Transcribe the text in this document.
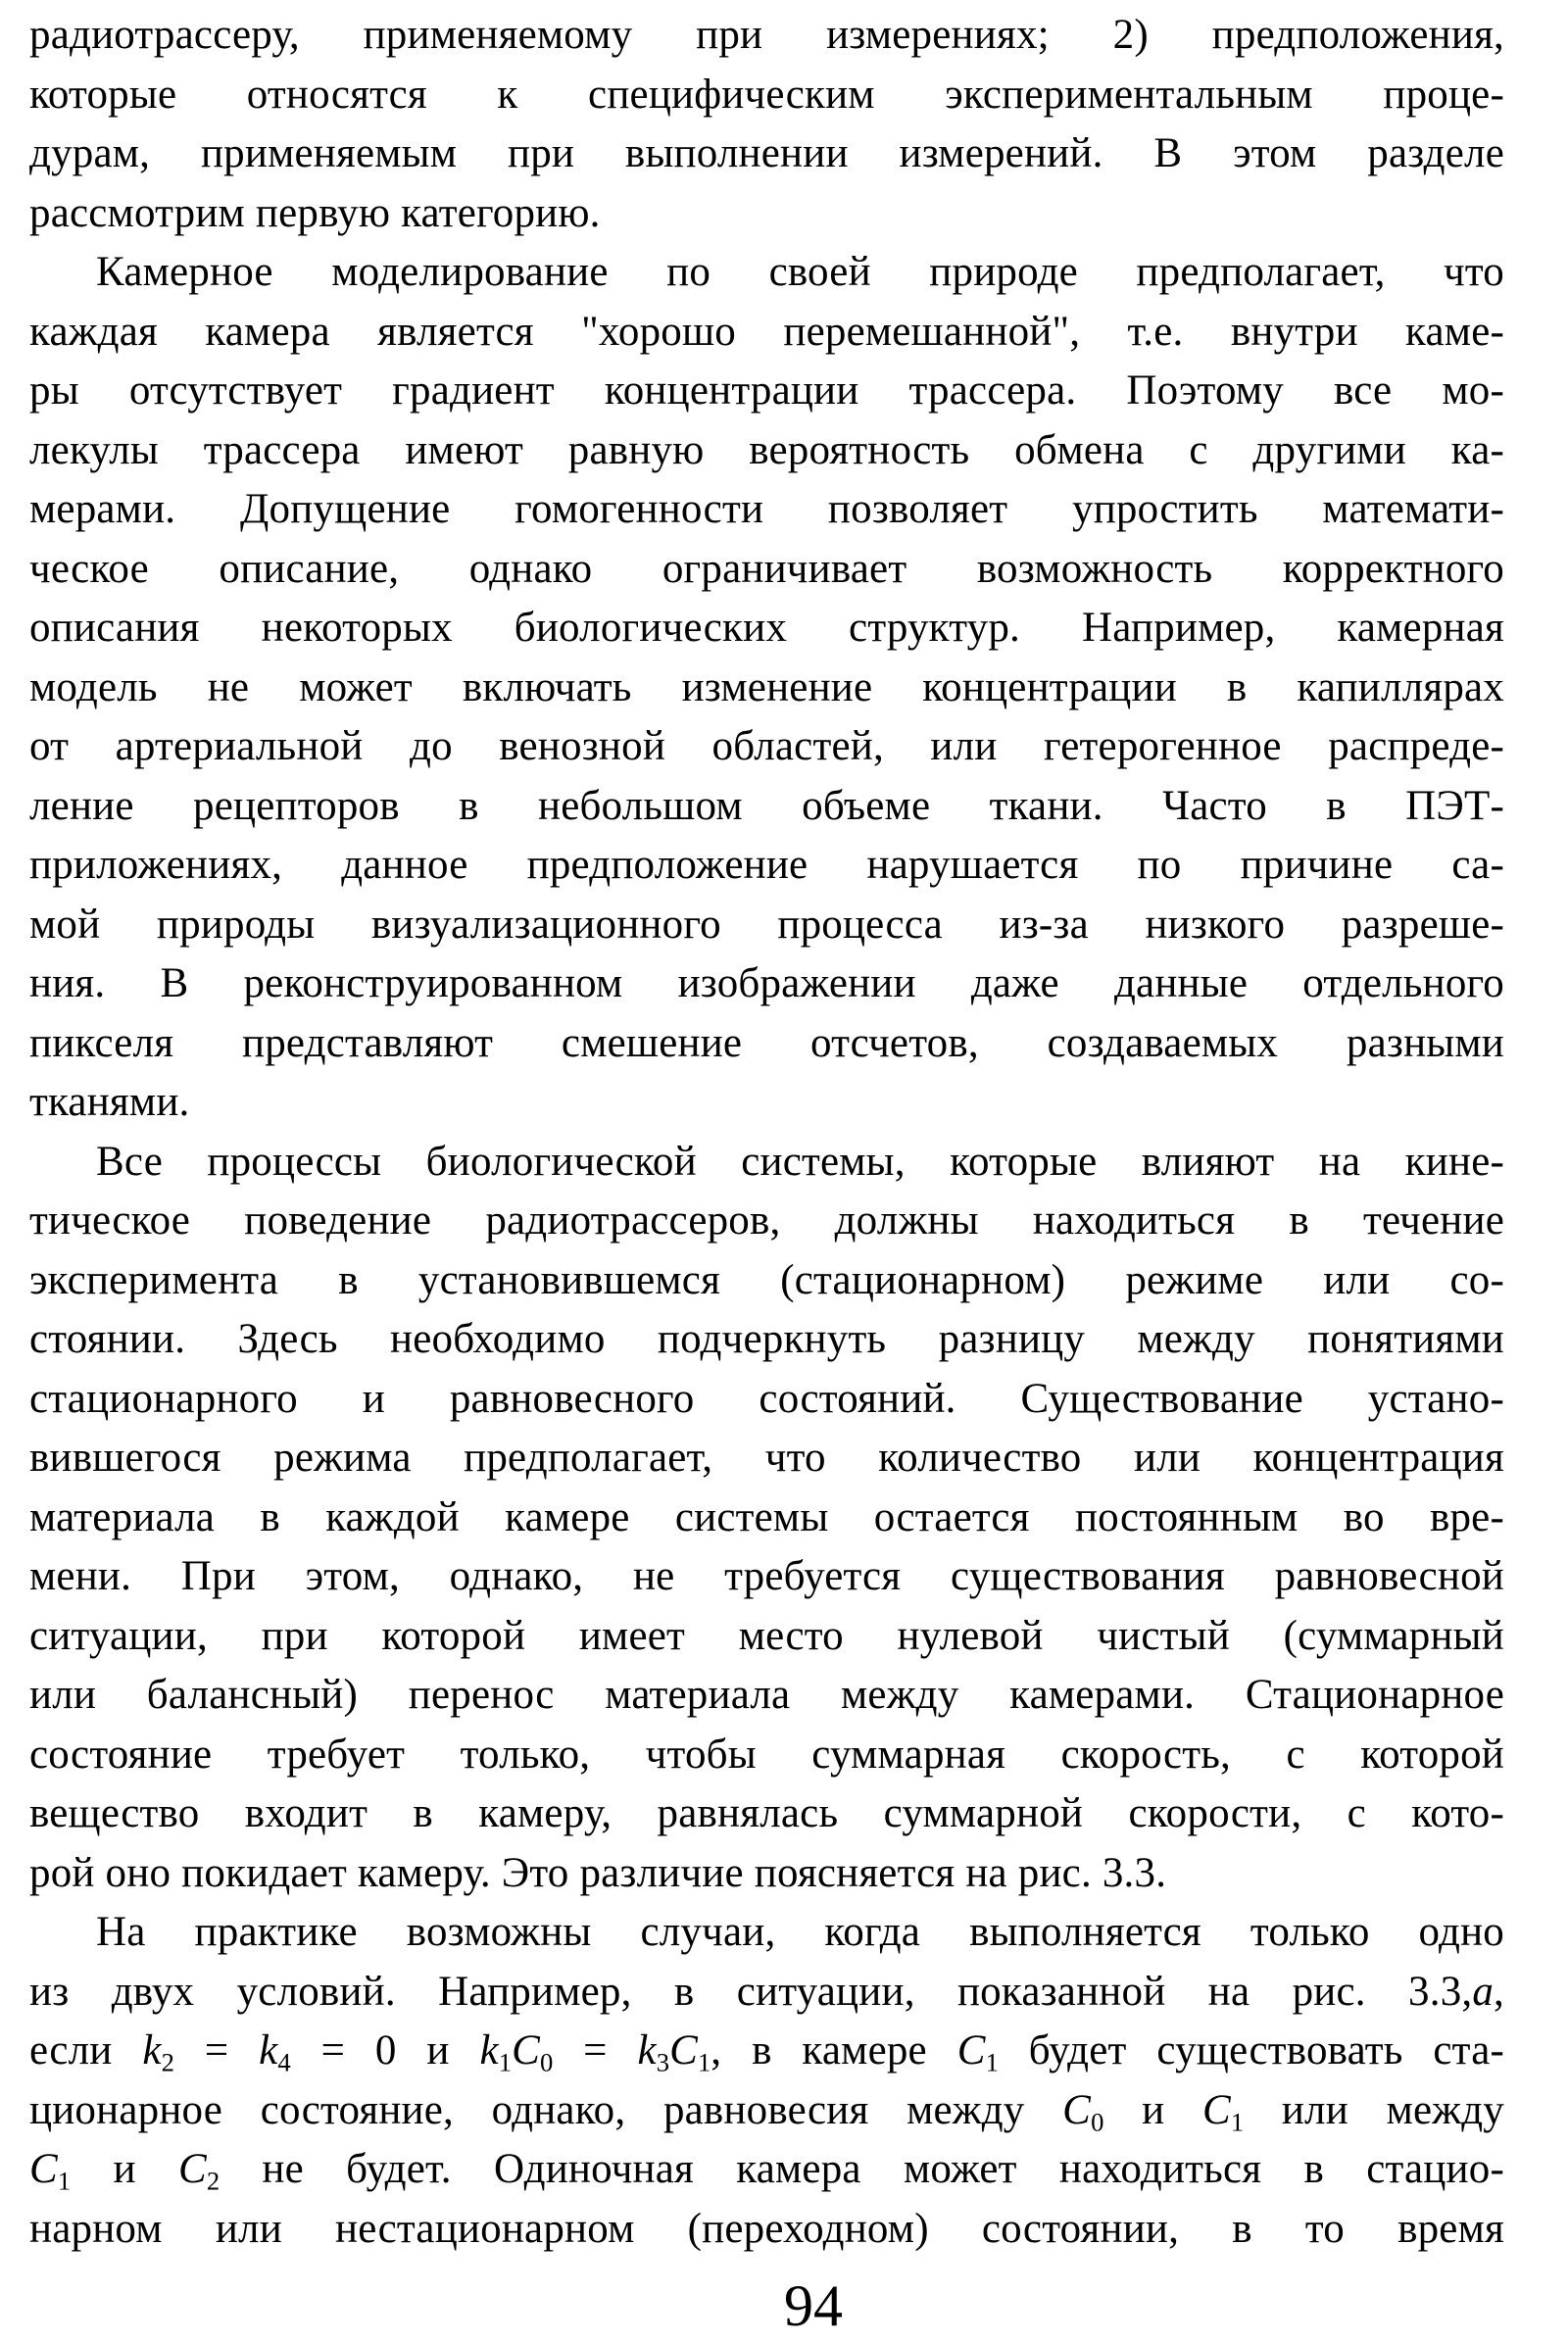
радиотрассеру, применяемому при измерениях; 2) предположения,
которые относятся к специфическим экспериментальным проце-
дурам, применяемым при выполнении измерений. В этом разделе
рассмотрим первую категорию.
Камерное моделирование по своей природе предполагает, что
каждая камера является "хорошо перемешанной", т.е. внутри каме-
ры отсутствует градиент концентрации трассера. Поэтому все мо-
лекулы трассера имеют равную вероятность обмена с другими ка-
мерами. Допущение гомогенности позволяет упростить математи-
ческое описание, однако ограничивает возможность корректного
описания некоторых биологических структур. Например, камерная
модель не может включать изменение концентрации в капиллярах
от артериальной до венозной областей, или гетерогенное распреде-
ление рецепторов в небольшом объеме ткани. Часто в ПЭТ-
приложениях, данное предположение нарушается по причине са-
мой природы визуализационного процесса из-за низкого разреше-
ния. В реконструированном изображении даже данные отдельного
пикселя представляют смешение отсчетов, создаваемых разными
тканями.
Все процессы биологической системы, которые влияют на кине-
тическое поведение радиотрассеров, должны находиться в течение
эксперимента в установившемся (стационарном) режиме или со-
стоянии. Здесь необходимо подчеркнуть разницу между понятиями
стационарного и равновесного состояний. Существование устано-
вившегося режима предполагает, что количество или концентрация
материала в каждой камере системы остается постоянным во вре-
мени. При этом, однако, не требуется существования равновесной
ситуации, при которой имеет место нулевой чистый (суммарный
или балансный) перенос материала между камерами. Стационарное
состояние требует только, чтобы суммарная скорость, с которой
вещество входит в камеру, равнялась суммарной скорости, с кото-
рой оно покидает камеру. Это различие поясняется на рис. 3.3.
На практике возможны случаи, когда выполняется только одно
из двух условий. Например, в ситуации, показанной на рис. 3.3,а,
если k2 = k4 = 0 и k1C0 = k3C1, в камере C1 будет существовать ста-
ционарное состояние, однако, равновесия между C0 и C1 или между
C1 и C2 не будет. Одиночная камера может находиться в стацио-
нарном или нестационарном (переходном) состоянии, в то время
94
